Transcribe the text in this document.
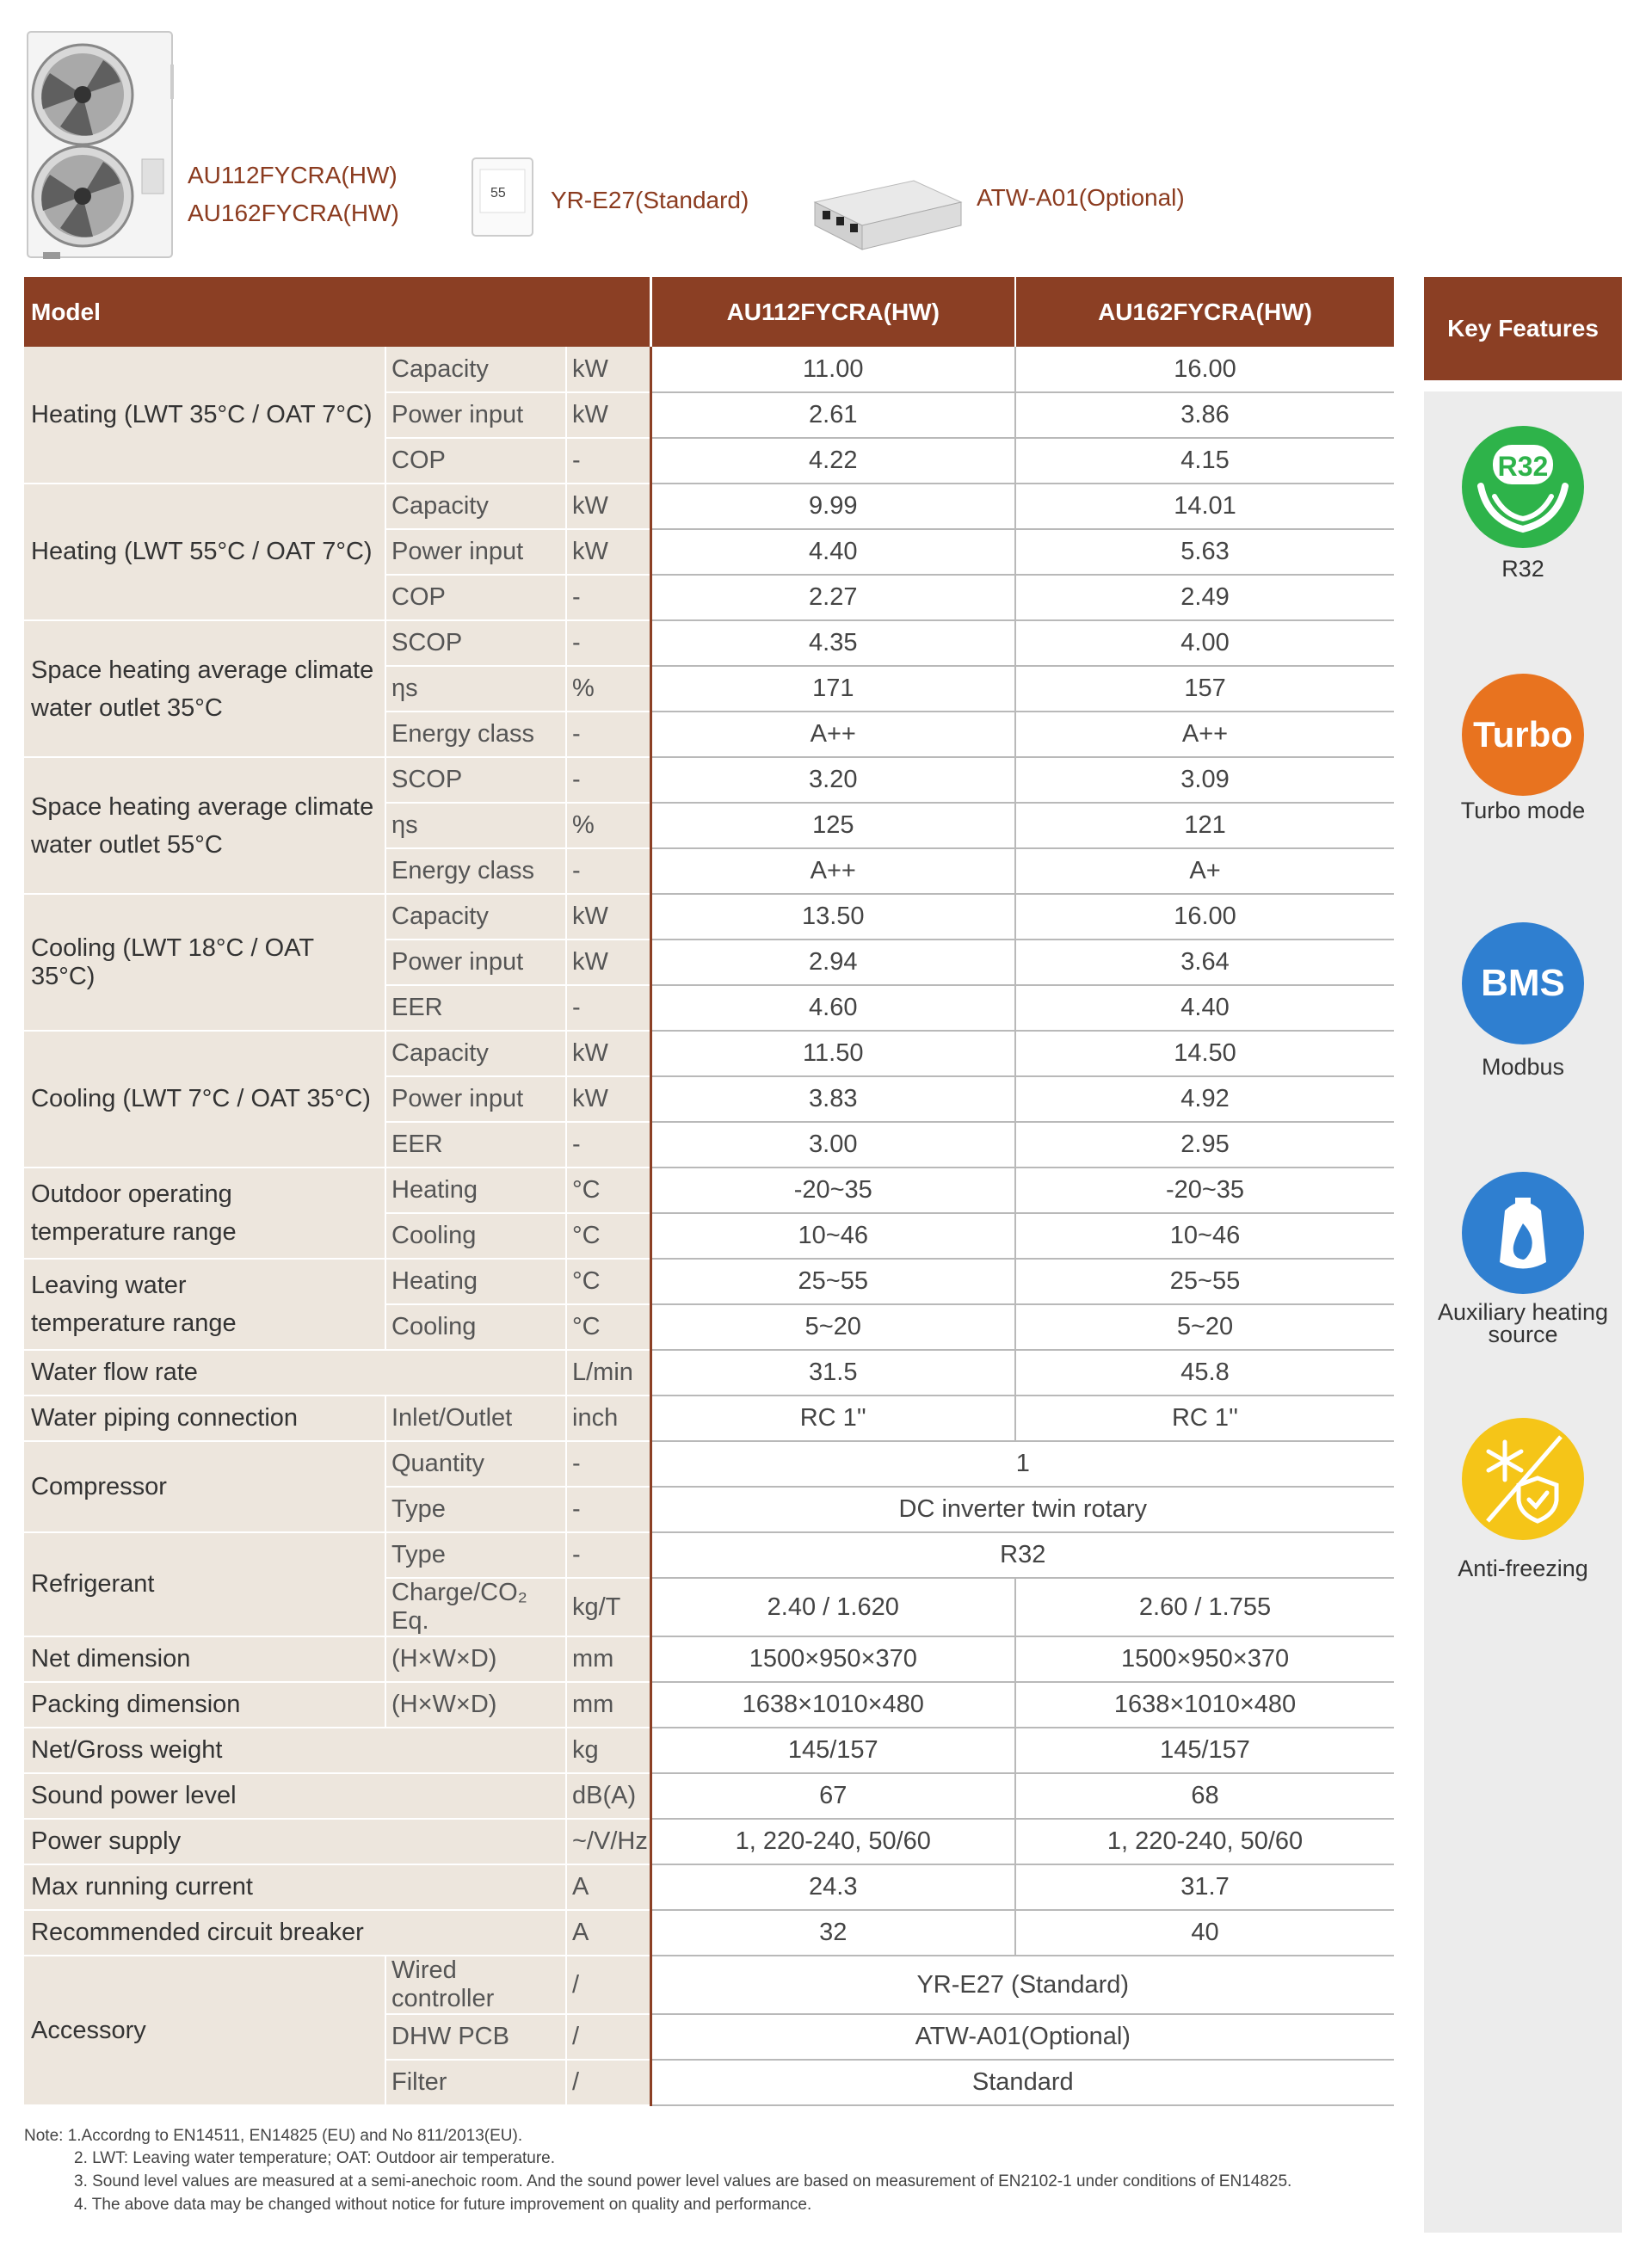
AU112FYCRA(HW)
AU162FYCRA(HW)
55 YR-E27(Standard)	ATW-A01(Optional)
Model			AU112FYCRA(HW)	AU162FYCRA(HW)
Heating (LWT 35°C / OAT 7°C)	Capacity	kW	11.00	16.00
	Power input	kW	2.61	3.86
	COP	-	4.22	4.15
Heating (LWT 55°C / OAT 7°C)	Capacity	kW	9.99	14.01
	Power input	kW	4.40	5.63
	COP	-	2.27	2.49
Space heating average climate
water outlet 35°C	SCOP	-	4.35	4.00
	ηs	%	171	157
	Energy class	-	A++	A++
Space heating average climate
water outlet 55°C	SCOP	-	3.20	3.09
	ηs	%	125	121
	Energy class	-	A++	A+
Cooling (LWT 18°C / OAT 35°C)	Capacity	kW	13.50	16.00
	Power input	kW	2.94	3.64
	EER	-	4.60	4.40
Cooling (LWT 7°C / OAT 35°C)	Capacity	kW	11.50	14.50
	Power input	kW	3.83	4.92
	EER	-	3.00	2.95
Outdoor operating
temperature range	Heating	°C	-20~35	-20~35
	Cooling	°C	10~46	10~46
Leaving water
temperature range	Heating	°C	25~55	25~55
	Cooling	°C	5~20	5~20
Water flow rate		L/min	31.5	45.8
Water piping connection	Inlet/Outlet	inch	RC 1''	RC 1''
Compressor	Quantity	-	1	
	Type	-	DC inverter twin rotary	
Refrigerant	Type	-	R32	
	Charge/CO₂ Eq.	kg/T	2.40 / 1.620	2.60 / 1.755
Net dimension	(H×W×D)	mm	1500×950×370	1500×950×370
Packing dimension	(H×W×D)	mm	1638×1010×480	1638×1010×480
Net/Gross weight		kg	145/157	145/157
Sound power level		dB(A)	67	68
Power supply		~/V/Hz	1, 220-240, 50/60	1, 220-240, 50/60
Max running current		A	24.3	31.7
Recommended circuit breaker		A	32	40
Accessory	Wired controller	/	YR-E27 (Standard)	
	DHW PCB	/	ATW-A01(Optional)	
	Filter	/	Standard	
Key Features
R32
R32
Turbo
Turbo mode
BMS
Modbus
Auxiliary heating
source
Anti-freezing
Note: 1.Accordng to EN14511, EN14825 (EU) and No 811/2013(EU).
2. LWT: Leaving water temperature; OAT: Outdoor air temperature.
3. Sound level values are measured at a semi-anechoic room. And the sound power level values are based on measurement of EN2102-1 under conditions of EN14825.
4. The above data may be changed without notice for future improvement on quality and performance.
